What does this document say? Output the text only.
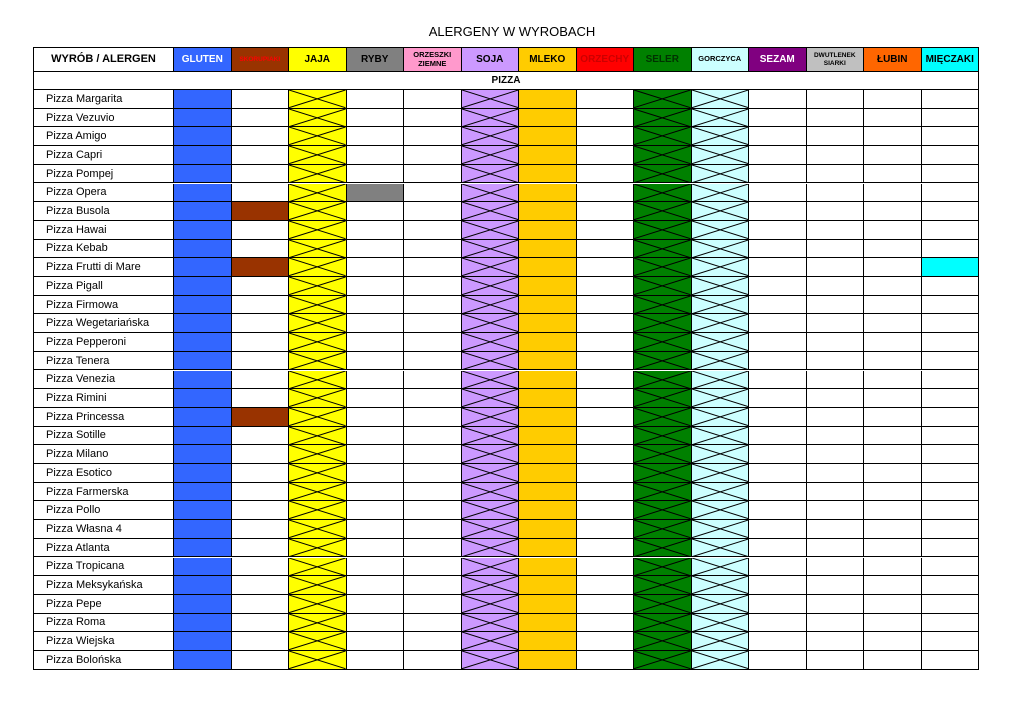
ALERGENY W WYROBACH
WYRÓB / ALERGEN	GLUTEN	SKORUPIAKI	JAJA	RYBY	ORZESZKI ZIEMNE	SOJA	MLEKO	ORZECHY	SELER	GORCZYCA	SEZAM	DWUTLENEK SIARKI	ŁUBIN	MIĘCZAKI
PIZZA
Pizza Margarita
Pizza Vezuvio
Pizza Amigo
Pizza Capri
Pizza Pompej
Pizza Opera
Pizza Busola
Pizza Hawai
Pizza Kebab
Pizza Frutti di Mare
Pizza Pigall
Pizza Firmowa
Pizza Wegetariańska
Pizza Pepperoni
Pizza Tenera
Pizza Venezia
Pizza Rimini
Pizza Princessa
Pizza Sotille
Pizza Milano
Pizza Esotico
Pizza Farmerska
Pizza Pollo
Pizza Własna 4
Pizza Atlanta
Pizza Tropicana
Pizza Meksykańska
Pizza Pepe
Pizza Roma
Pizza Wiejska
Pizza Bolońska
